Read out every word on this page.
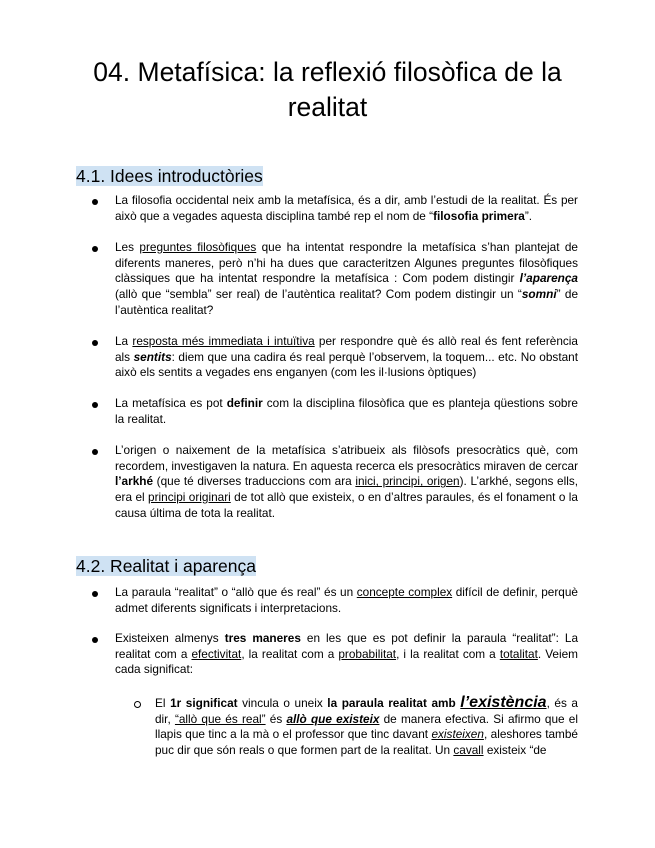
04. Metafísica: la reflexió filosòfica de la realitat
4.1. Idees introductòries

La filosofia occidental neix amb la metafísica, és a dir, amb l’estudi de la realitat. És per això que a vegades aquesta disciplina també rep el nom de “filosofia primera”.

Les preguntes filosòfiques que ha intentat respondre la metafísica s’han plantejat de diferents maneres, però n’hi ha dues que caracteritzen Algunes preguntes filosòfiques clàssiques que ha intentat respondre la metafísica : Com podem distingir l’aparença (allò que “sembla” ser real) de l’autèntica realitat? Com podem distingir un “somni” de l’autèntica realitat?

La resposta més immediata i intuïtiva per respondre què és allò real és fent referència als sentits: diem que una cadira és real perquè l’observem, la toquem... etc. No obstant això els sentits a vegades ens enganyen (com les il·lusions òptiques)

La metafísica es pot definir com la disciplina filosòfica que es planteja qüestions sobre la realitat.

L’origen o naixement de la metafísica s’atribueix als filòsofs presocràtics què, com recordem, investigaven la natura. En aquesta recerca els presocràtics miraven de cercar l’arkhé (que té diverses traduccions com ara inici, principi, origen). L’arkhé, segons ells, era el principi originari de tot allò que existeix, o en d’altres paraules, és el fonament o la causa última de tota la realitat.

4.2. Realitat i aparença

La paraula “realitat” o “allò que és real” és un concepte complex difícil de definir, perquè admet diferents significats i interpretacions.

Existeixen almenys tres maneres en les que es pot definir la paraula “realitat”: La realitat com a efectivitat, la realitat com a probabilitat, i la realitat com a totalitat. Veiem cada significat:

El 1r significat vincula o uneix la paraula realitat amb l’existència, és a dir, “allò que és real” és allò que existeix de manera efectiva. Si afirmo que el llapis que tinc a la mà o el professor que tinc davant existeixen, aleshores també puc dir que són reals o que formen part de la realitat. Un cavall existeix “de
